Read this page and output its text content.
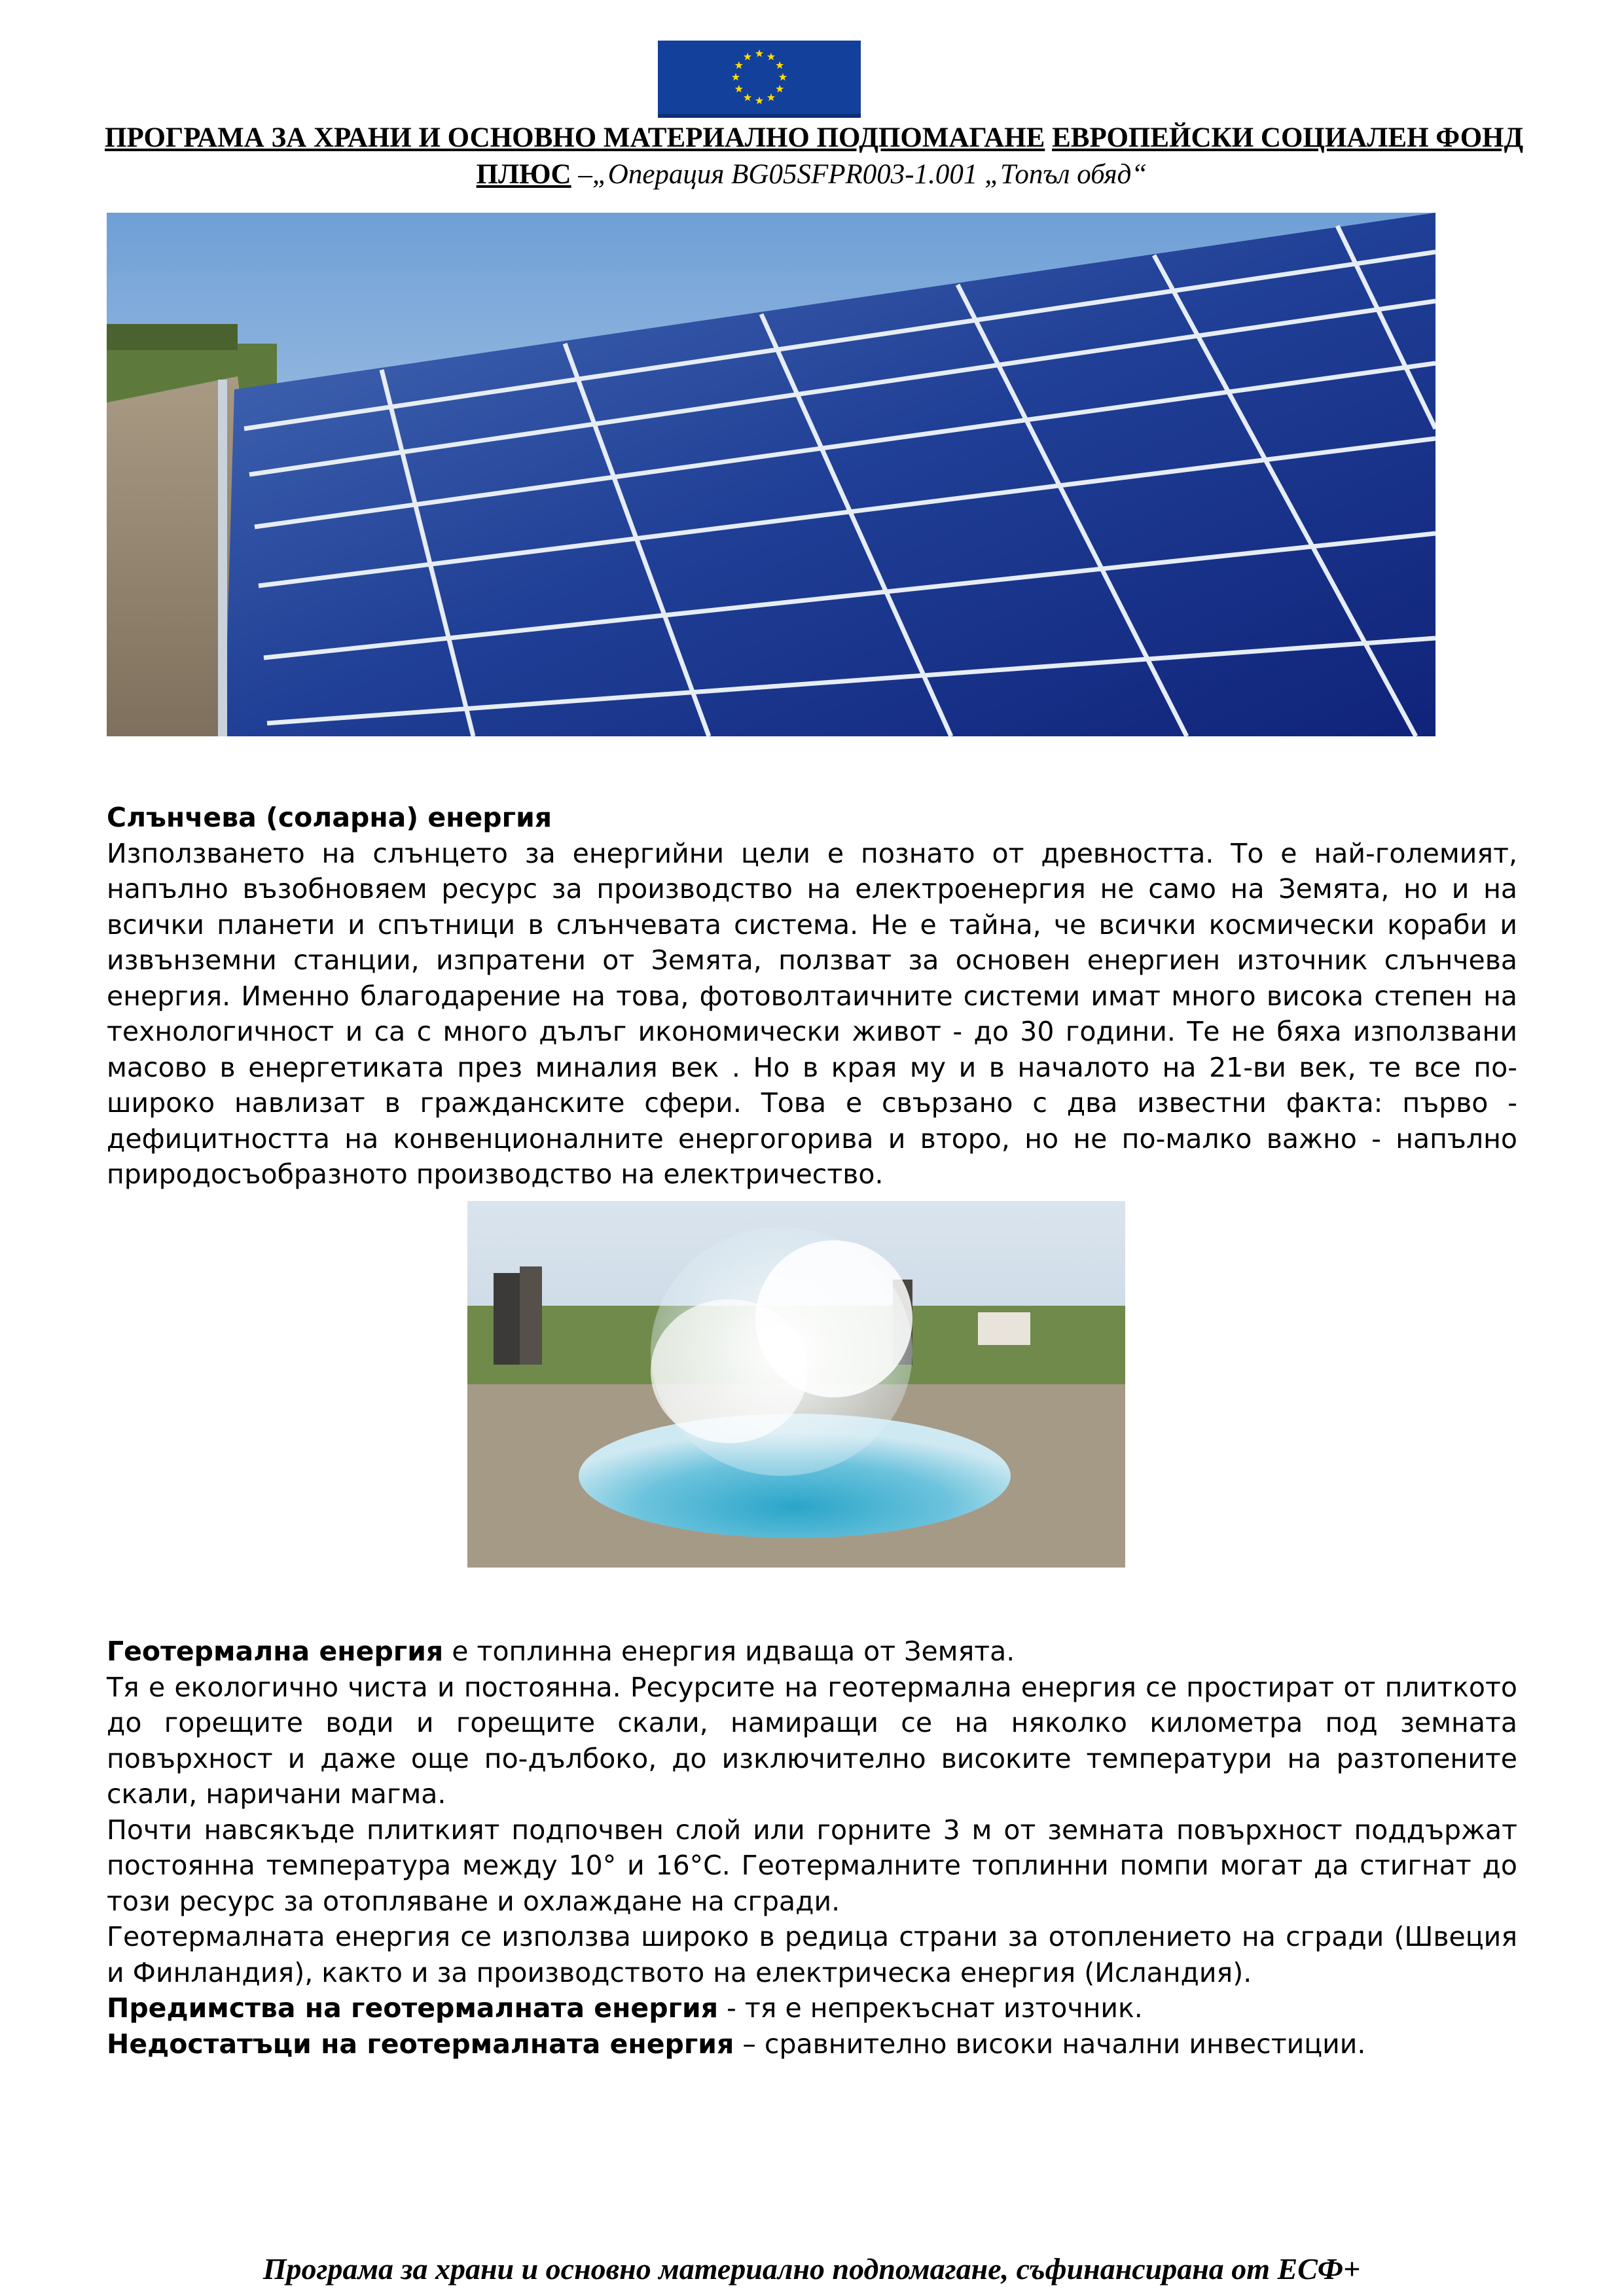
ПРОГРАМА ЗА ХРАНИ И ОСНОВНО МАТЕРИАЛНО ПОДПОМАГАНЕ ЕВРОПЕЙСКИ СОЦИАЛЕН ФОНД
ПЛЮС –„Операция BG05SFPR003-1.001 „Топъл обяд“

Слънчева (соларна) енергия

Използването на слънцето за енергийни цели е познато от древността. То е най-големият, напълно възобновяем ресурс за производство на електроенергия не само на Земята, но и на всички планети и спътници в слънчевата система. Не е тайна, че всички космически кораби и извънземни станции, изпратени от Земята, ползват за основен енергиен източник слънчева енергия. Именно благодарение на това, фотоволтаичните системи имат много висока степен на технологичност и са с много дълъг икономически живот - до 30 години. Те не бяха използвани масово в енергетиката през миналия век . Но в края му и в началото на 21-ви век, те все по-широко навлизат в гражданските сфери. Това е свързано с два известни факта: първо - дефицитността на конвенционалните енергогорива и второ, но не по-малко важно - напълно природосъобразното производство на електричество.

Геотермална енергия е топлинна енергия идваща от Земята.

Тя е екологично чиста и постоянна. Ресурсите на геотермална енергия се простират от плиткото до горещите води и горещите скали, намиращи се на няколко километра под земната повърхност и даже още по-дълбоко, до изключително високите температури на разтопените скали, наричани магма.

Почти навсякъде плиткият подпочвен слой или горните 3 м от земната повърхност поддържат постоянна температура между 10° и 16°C. Геотермалните топлинни помпи могат да стигнат до този ресурс за отопляване и охлаждане на сгради.

Геотермалната енергия се използва широко в редица страни за отоплението на сгради (Швеция и Финландия), както и за производството на електрическа енергия (Исландия).

Предимства на геотермалната енергия - тя е непрекъснат източник.

Недостатъци на геотермалната енергия – сравнително високи начални инвестиции.

Програма за храни и основно материално подпомагане, съфинансирана от ЕСФ+
